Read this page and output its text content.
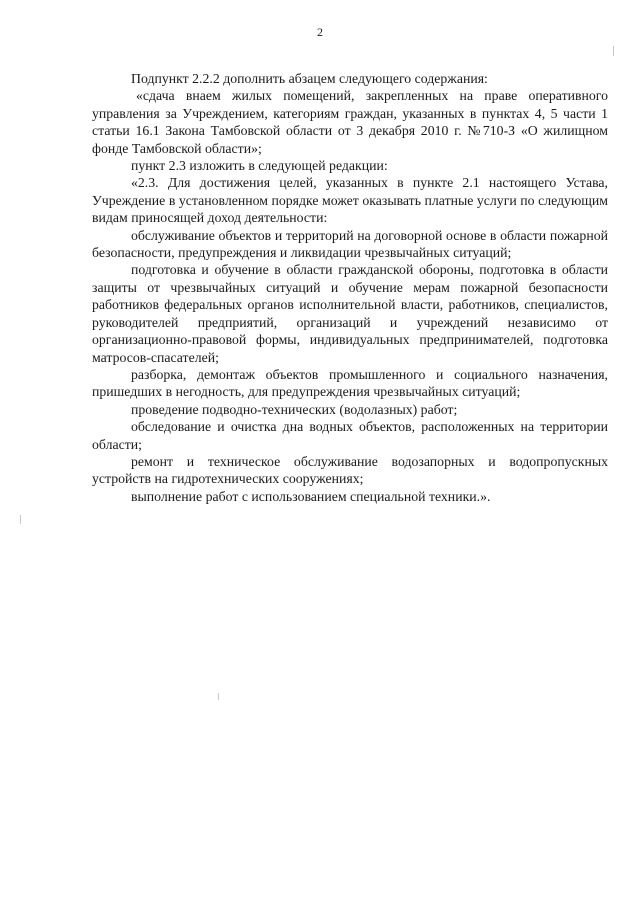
2

Подпункт 2.2.2 дополнить абзацем следующего содержания:

«сдача внаем жилых помещений, закрепленных на праве оперативного управления за Учреждением, категориям граждан, указанных в пунктах 4, 5 части 1 статьи 16.1 Закона Тамбовской области от 3 декабря 2010 г. №710-З «О жилищном фонде Тамбовской области»;

пункт 2.3 изложить в следующей редакции:

«2.3. Для достижения целей, указанных в пункте 2.1 настоящего Устава, Учреждение в установленном порядке может оказывать платные услуги по следующим видам приносящей доход деятельности:

обслуживание объектов и территорий на договорной основе в области пожарной безопасности, предупреждения и ликвидации чрезвычайных ситуаций;

подготовка и обучение в области гражданской обороны, подготовка в области защиты от чрезвычайных ситуаций и обучение мерам пожарной безопасности работников федеральных органов исполнительной власти, работников, специалистов, руководителей предприятий, организаций и учреждений независимо от организационно-правовой формы, индивидуальных предпринимателей, подготовка матросов-спасателей;

разборка, демонтаж объектов промышленного и социального назначения, пришедших в негодность, для предупреждения чрезвычайных ситуаций;

проведение подводно-технических (водолазных) работ;

обследование и очистка дна водных объектов, расположенных на территории области;

ремонт и техническое обслуживание водозапорных и водопропускных устройств на гидротехнических сооружениях;

выполнение работ с использованием специальной техники.».
